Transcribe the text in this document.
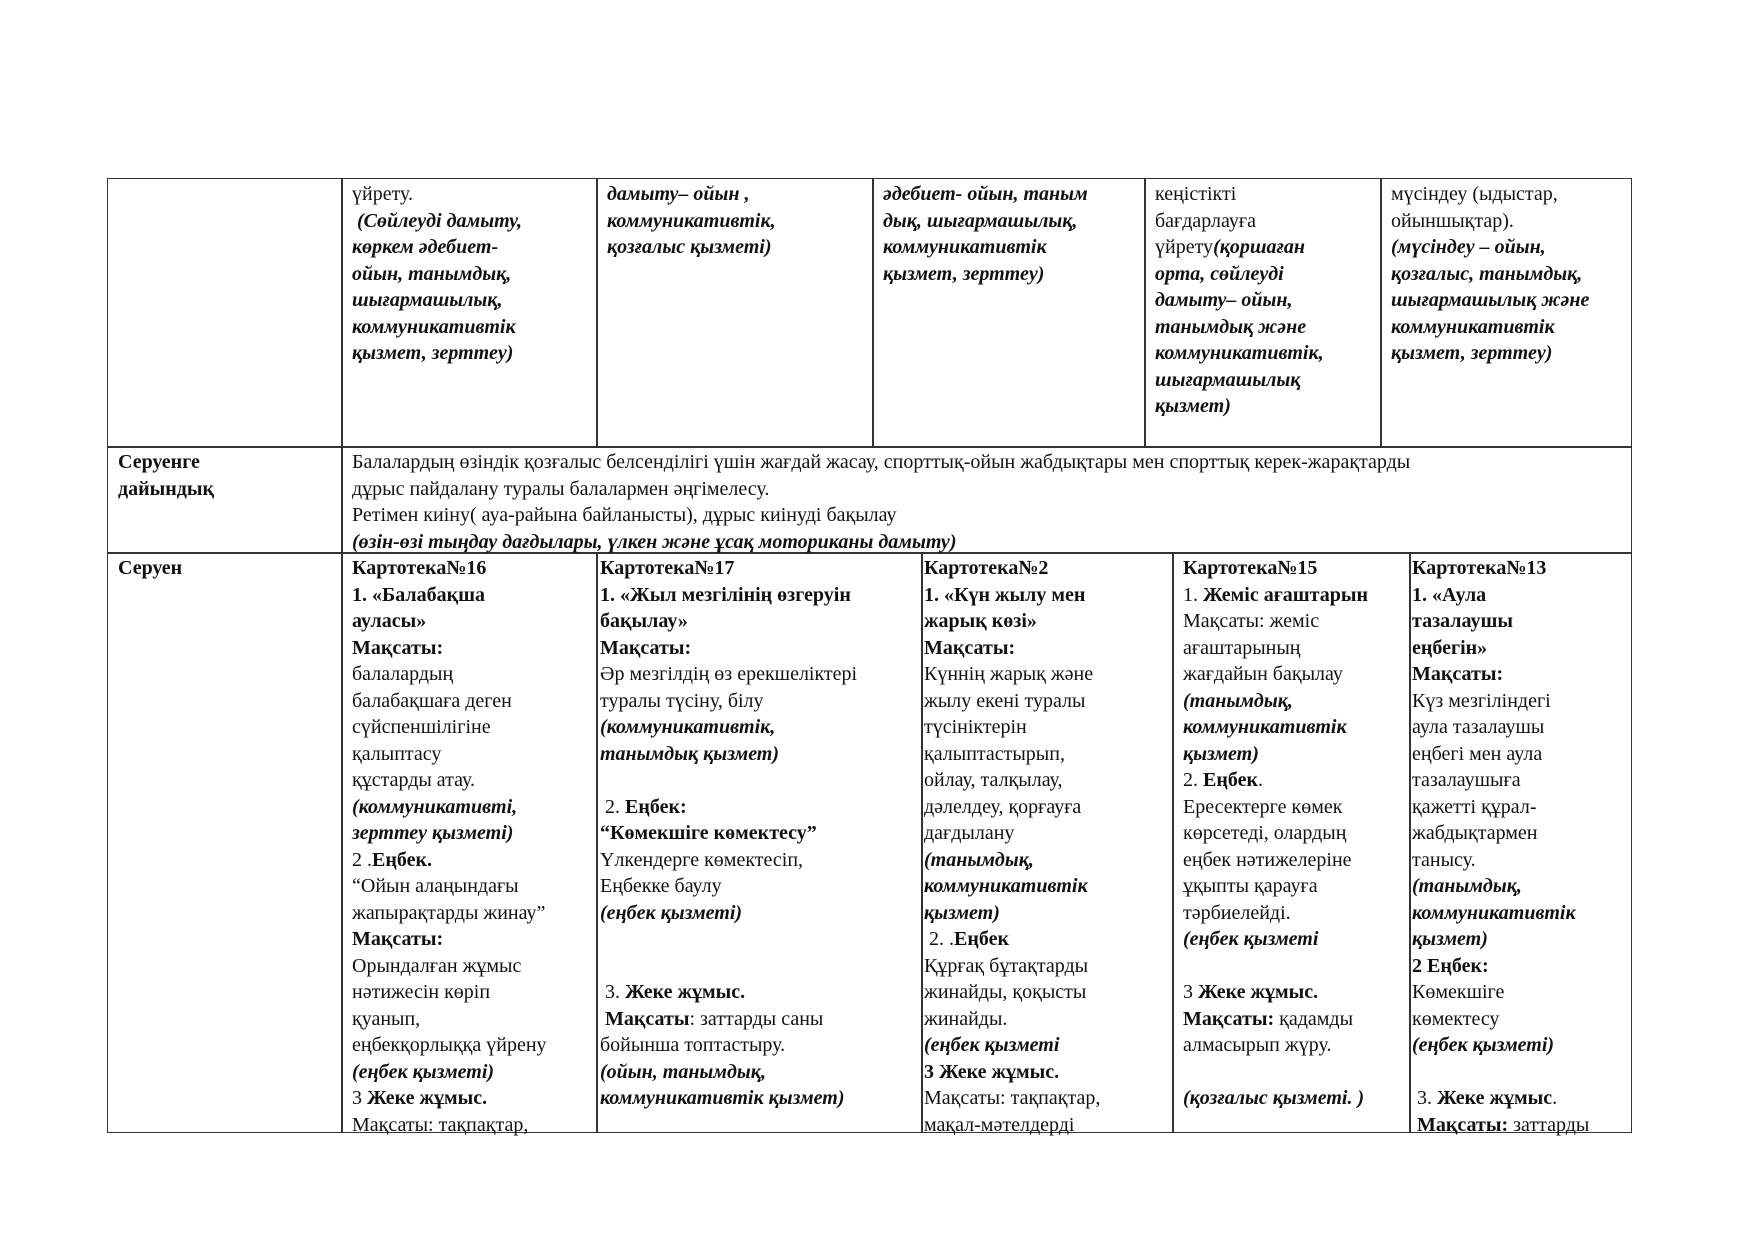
үйрету.
(Сөйлеуді дамыту,
көркем әдебиет-
ойын, танымдық,
шығармашылық,
коммуникативтік
қызмет, зерттеу)
дамыту– ойын ,
коммуникативтік,
қозғалыс қызметі)
әдебиет- ойын, таным
дық, шығармашылық,
коммуникативтік
қызмет, зерттеу)
кеңістікті
бағдарлауға
үйрету(қоршаған
орта, сөйлеуді
дамыту– ойын,
танымдық және
коммуникативтік,
шығармашылық
қызмет)
мүсіндеу (ыдыстар,
ойыншықтар).
(мүсіндеу – ойын,
қозғалыс, танымдық,
шығармашылық және
коммуникативтік
қызмет, зерттеу)
Серуенге
дайындық
Балалардың өзіндік қозғалыс белсенділігі үшін жағдай жасау, спорттық-ойын жабдықтары мен спорттық керек-жарақтарды
дұрыс пайдалану туралы балалармен әңгімелесу.
Ретімен киіну( ауа-райына байланысты), дұрыс киінуді бақылау
(өзін-өзі тыңдау дағдылары, үлкен және ұсақ моториканы дамыту)
Серуен	Картотека№16
1. «Балабақша
ауласы»
Мақсаты:
балалардың
балабақшаға деген
сүйспеншілігіне
қалыптасу
құстарды атау.
(коммуникативті,
зерттеу қызметі)
2 .Еңбек.
“Ойын алаңындағы
жапырақтарды жинау”
Мақсаты:
Орындалған жұмыс
нәтижесін көріп
қуанып,
еңбекқорлыққа үйрену
(еңбек қызметі)
3 Жеке жұмыс.
Мақсаты: тақпақтар,
Картотека№17
1. «Жыл мезгілінің өзгеруін
бақылау»
Мақсаты:
Әр мезгілдің өз ерекшеліктері
туралы түсіну, білу
(коммуникативтік,
танымдық қызмет)

2. Еңбек:
“Көмекшіге көмектесу”
Үлкендерге көмектесіп,
Еңбекке баулу
(еңбек қызметі)

3. Жеке жұмыс.
Мақсаты: заттарды саны
бойынша топтастыру.
(ойын, танымдық,
коммуникативтік қызмет)
Картотека№2
1. «Күн жылу мен
жарық көзі»
Мақсаты:
Күннің жарық және
жылу екені туралы
түсініктерін
қалыптастырып,
ойлау, талқылау,
дәлелдеу, қорғауға
дағдылану
(танымдық,
коммуникативтік
қызмет)
2. .Еңбек
Құрғақ бұтақтарды
жинайды, қоқысты
жинайды.
(еңбек қызметі
3 Жеке жұмыс.
Мақсаты: тақпақтар,
мақал-мәтелдерді
Картотека№15
1. Жеміс ағаштарын
Мақсаты: жеміс
ағаштарының
жағдайын бақылау
(танымдық,
коммуникативтік
қызмет)
2. Еңбек.
Ересектерге көмек
көрсетеді, олардың
еңбек нәтижелеріне
ұқыпты қарауға
тәрбиелейді.
(еңбек қызметі

3 Жеке жұмыс.
Мақсаты: қадамды
алмасырып жүру.

(қозғалыс қызметі. )
Картотека№13
1. «Аула
тазалаушы
еңбегін»
Мақсаты:
Күз мезгіліндегі
аула тазалаушы
еңбегі мен аула
тазалаушыға
қажетті құрал-
жабдықтармен
танысу.
(танымдық,
коммуникативтік
қызмет)
2 Еңбек:
Көмекшіге
көмектесу
(еңбек қызметі)

3. Жеке жұмыс.
Мақсаты: заттарды
